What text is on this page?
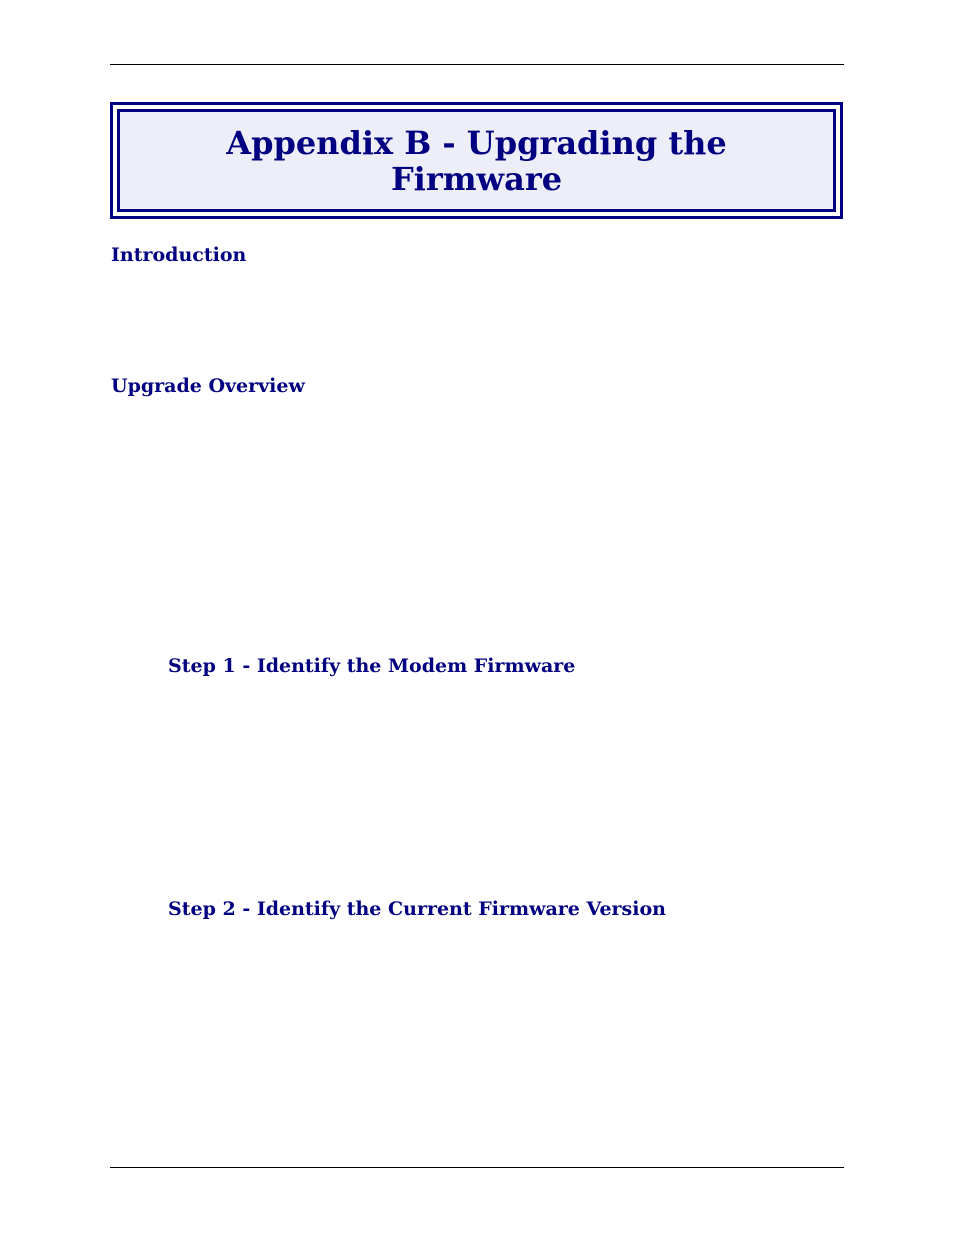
Appendix B - Upgrading the
Firmware
Introduction
Upgrade Overview
Step 1 - Identify the Modem Firmware
Step 2 - Identify the Current Firmware Version
